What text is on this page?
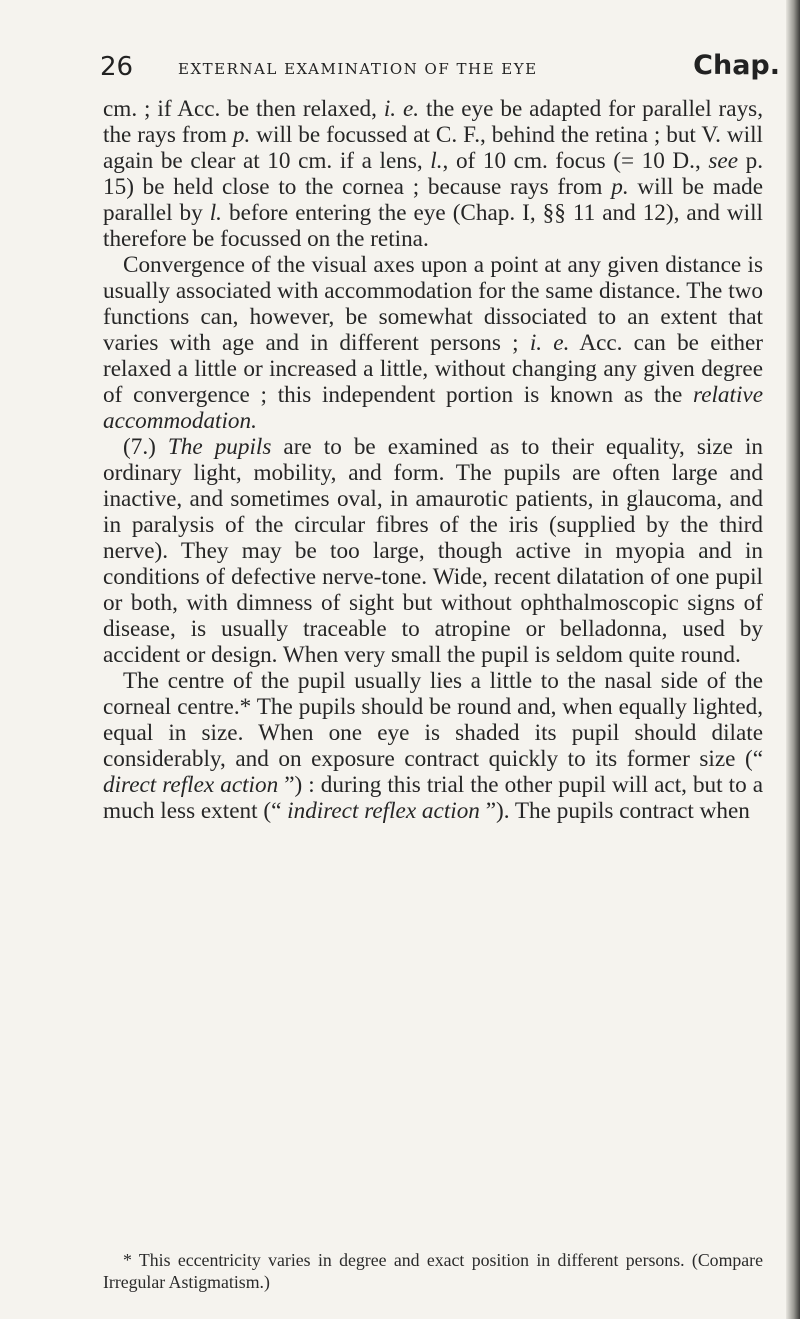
26	EXTERNAL EXAMINATION OF THE EYE	Chap.

cm. ; if Acc. be then relaxed, i. e. the eye be adapted for parallel rays, the rays from p. will be focussed at C. F., behind the retina ; but V. will again be clear at 10 cm. if a lens, l., of 10 cm. focus (= 10 D., see p. 15) be held close to the cornea ; because rays from p. will be made parallel by l. before entering the eye (Chap. I, §§ 11 and 12), and will therefore be focussed on the retina.

Convergence of the visual axes upon a point at any given distance is usually associated with accommodation for the same distance. The two functions can, however, be somewhat dissociated to an extent that varies with age and in different persons ; i. e. Acc. can be either relaxed a little or increased a little, without changing any given degree of convergence ; this independent portion is known as the relative accommodation.

(7.) The pupils are to be examined as to their equality, size in ordinary light, mobility, and form. The pupils are often large and inactive, and sometimes oval, in amaurotic patients, in glaucoma, and in paralysis of the circular fibres of the iris (supplied by the third nerve). They may be too large, though active in myopia and in conditions of defective nerve-tone. Wide, recent dilatation of one pupil or both, with dimness of sight but without ophthalmoscopic signs of disease, is usually traceable to atropine or belladonna, used by accident or design. When very small the pupil is seldom quite round.

The centre of the pupil usually lies a little to the nasal side of the corneal centre.* The pupils should be round and, when equally lighted, equal in size. When one eye is shaded its pupil should dilate considerably, and on exposure contract quickly to its former size (“ direct reflex action ”) : during this trial the other pupil will act, but to a much less extent (“ indirect reflex action ”). The pupils contract when

* This eccentricity varies in degree and exact position in different persons. (Compare Irregular Astigmatism.)
